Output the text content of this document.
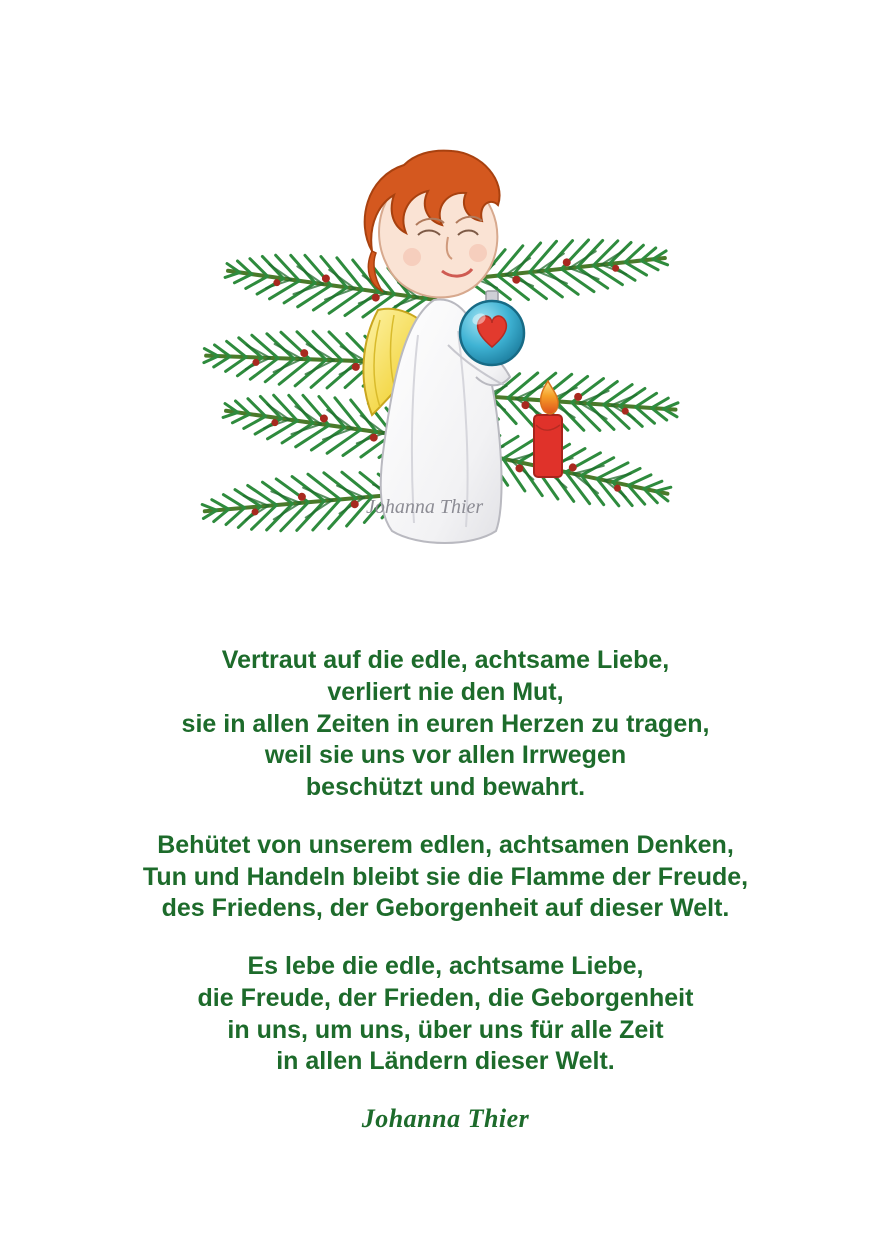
Johanna Thier
Vertraut auf die edle, achtsame Liebe,
verliert nie den Mut,
sie in allen Zeiten in euren Herzen zu tragen,
weil sie uns vor allen Irrwegen
beschützt und bewahrt.
Behütet von unserem edlen, achtsamen Denken,
Tun und Handeln bleibt sie die Flamme der Freude,
des Friedens, der Geborgenheit auf dieser Welt.
Es lebe die edle, achtsame Liebe,
die Freude, der Frieden, die Geborgenheit
in uns, um uns, über uns für alle Zeit
in allen Ländern dieser Welt.
Johanna Thier
